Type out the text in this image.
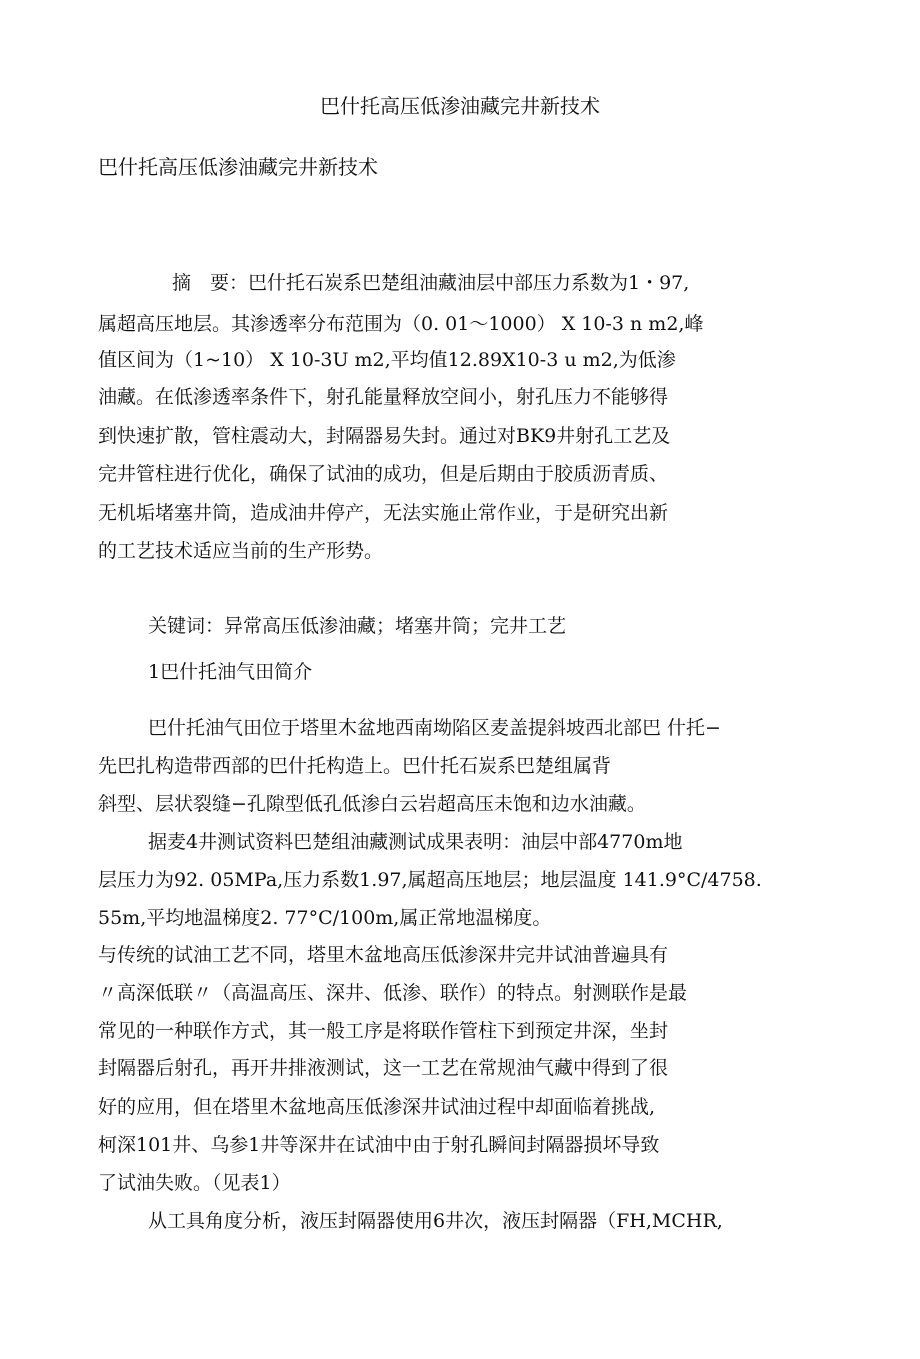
巴什托高压低渗油藏完井新技术
巴什托高压低渗油藏完井新技术
摘　要：巴什托石炭系巴楚组油藏油层中部压力系数为1・97,
属超高压地层。其渗透率分布范围为（0. 01～1000） X 10-3 n m2,峰
值区间为（1~10） X 10-3U m2,平均值12.89X10-3 u m2,为低渗
油藏。在低渗透率条件下，射孔能量释放空间小，射孔压力不能够得
到快速扩散，管柱震动大，封隔器易失封。通过对BK9井射孔工艺及
完井管柱进行优化，确保了试油的成功，但是后期由于胶质沥青质、
无机垢堵塞井筒，造成油井停产，无法实施止常作业，于是研究出新
的工艺技术适应当前的生产形势。
关键词：异常高压低渗油藏；堵塞井筒；完井工艺
1巴什托油气田简介
巴什托油气田位于塔里木盆地西南坳陷区麦盖提斜坡西北部巴 什托−
先巴扎构造带西部的巴什托构造上。巴什托石炭系巴楚组属背
斜型、层状裂缝−孔隙型低孔低渗白云岩超高压未饱和边水油藏。
据麦4井测试资料巴楚组油藏测试成果表明：油层中部4770m地
层压力为92. 05MPa,压力系数1.97,属超高压地层；地层温度 141.9°C/4758.
55m,平均地温梯度2. 77°C/100m,属正常地温梯度。
与传统的试油工艺不同，塔里木盆地高压低渗深井完井试油普遍具有
〃高深低联〃（高温高压、深井、低渗、联作）的特点。射测联作是最
常见的一种联作方式，其一般工序是将联作管柱下到预定井深，坐封
封隔器后射孔，再开井排液测试，这一工艺在常规油气藏中得到了很
好的应用，但在塔里木盆地高压低渗深井试油过程中却面临着挑战,
柯深101井、乌参1井等深井在试油中由于射孔瞬间封隔器损坏导致
了试油失败。（见表1）
从工具角度分析，液压封隔器使用6井次，液压封隔器（FH,MCHR,
